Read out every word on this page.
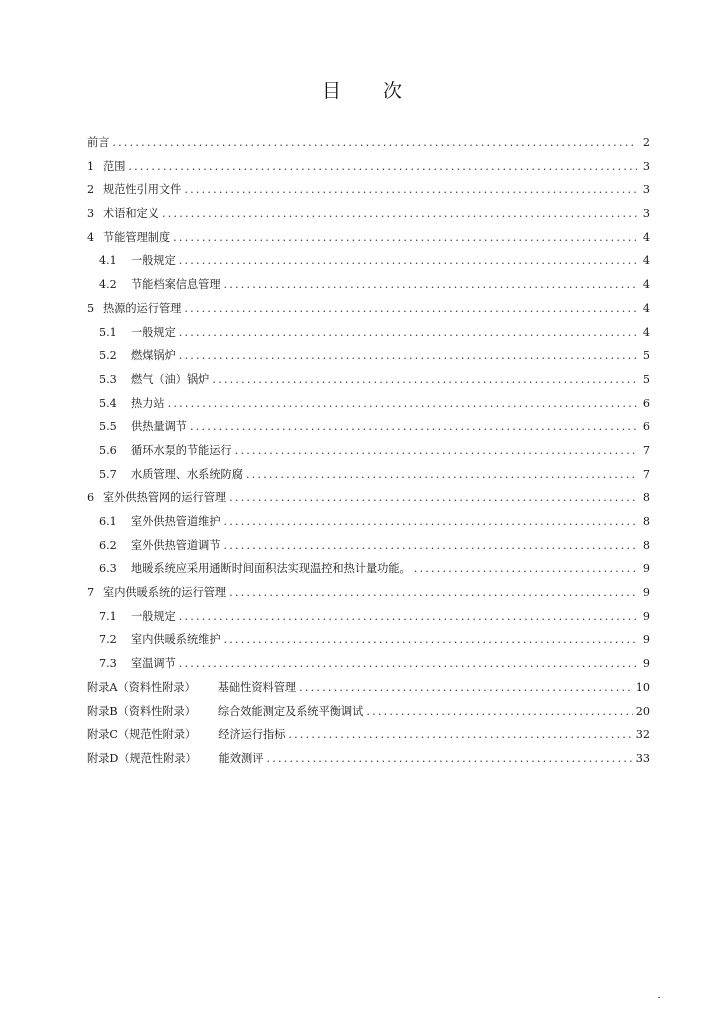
目 次
前言 .....	2
1 范围 .....	3
2 规范性引用文件 .....	3
3 术语和定义 .....	3
4 节能管理制度 .....	4
4.1	一般规定 .....	4
4.2	节能档案信息管理 .....	4
5 热源的运行管理 .....	4
5.1	一般规定 .....	4
5.2	燃煤锅炉 .....	5
5.3	燃气（油）锅炉 .....	5
5.4	热力站 .....	6
5.5	供热量调节 .....	6
5.6	循环水泵的节能运行 .....	7
5.7	水质管理、水系统防腐 .....	7
6 室外供热管网的运行管理 .....	8
6.1	室外供热管道维护 .....	8
6.2	室外供热管道调节 .....	8
6.3	地暖系统应采用通断时间面积法实现温控和热计量功能。 .....	9
7 室内供暖系统的运行管理 .....	9
7.1	一般规定 .....	9
7.2	室内供暖系统维护 .....	9
7.3	室温调节 .....	9
附录A（资料性附录）	基础性资料管理 .....	10
附录B（资料性附录）	综合效能测定及系统平衡调试 .....	20
附录C（规范性附录）	经济运行指标 .....	32
附录D（规范性附录）	能效测评 .....	33
